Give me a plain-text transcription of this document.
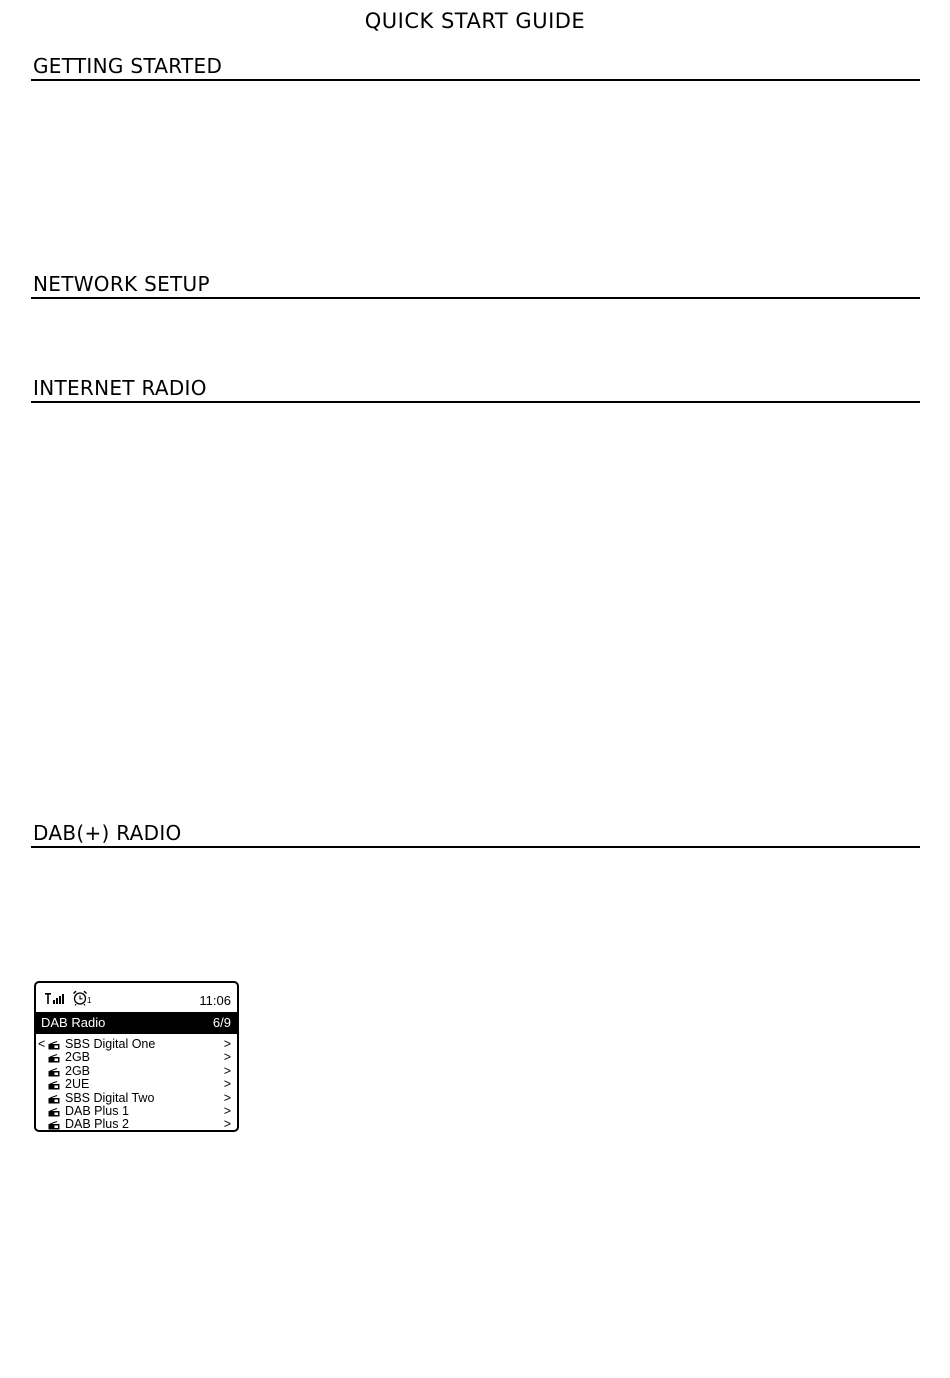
QUICK START GUIDE
GETTING STARTED
NETWORK SETUP
INTERNET RADIO
DAB(+) RADIO
1	11:06
DAB Radio	6/9
< SBS Digital One	>
2GB	>
2GB	>
2UE	>
SBS Digital Two	>
DAB Plus 1	>
DAB Plus 2	>
